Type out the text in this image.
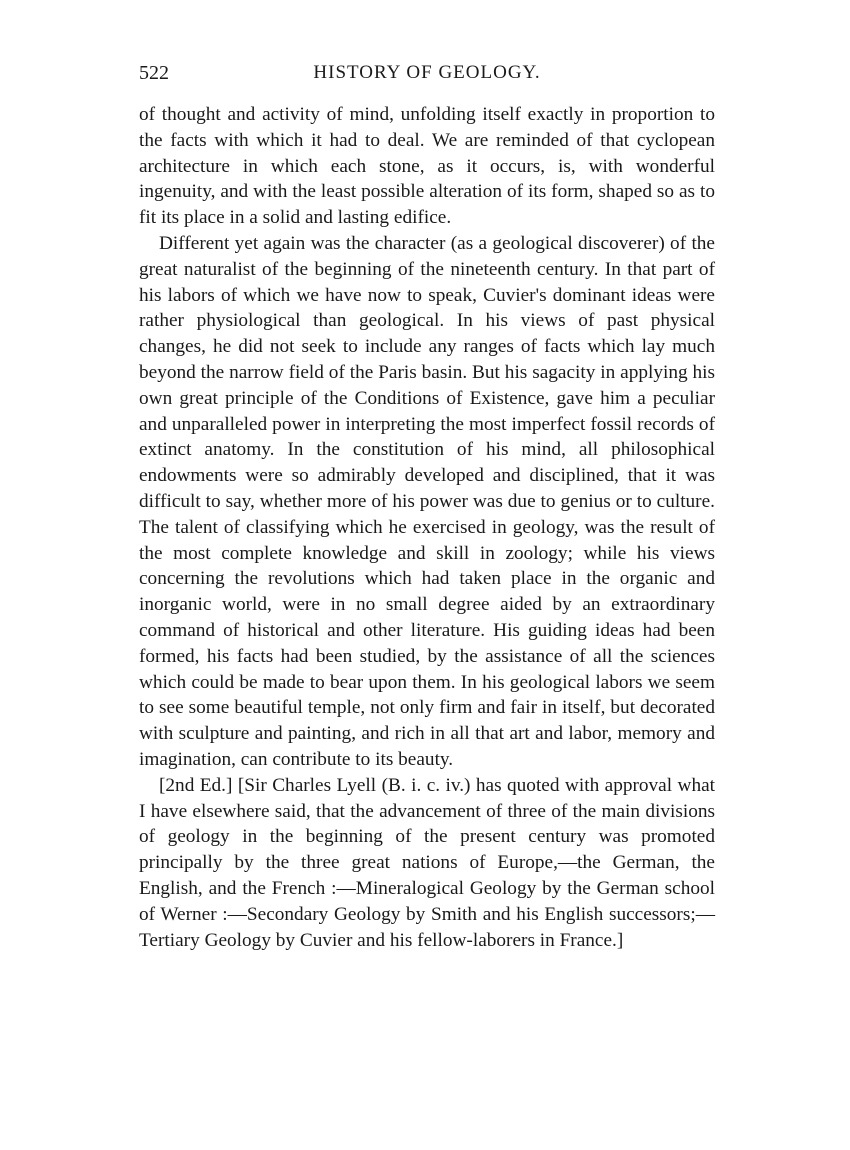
522	HISTORY OF GEOLOGY.

of thought and activity of mind, unfolding itself exactly in proportion to the facts with which it had to deal. We are reminded of that cyclopean architecture in which each stone, as it occurs, is, with wonderful ingenuity, and with the least possible alteration of its form, shaped so as to fit its place in a solid and lasting edifice.

Different yet again was the character (as a geological discoverer) of the great naturalist of the beginning of the nineteenth century. In that part of his labors of which we have now to speak, Cuvier's dominant ideas were rather physiological than geological. In his views of past physical changes, he did not seek to include any ranges of facts which lay much beyond the narrow field of the Paris basin. But his sagacity in applying his own great principle of the Conditions of Existence, gave him a peculiar and unparalleled power in interpreting the most imperfect fossil records of extinct anatomy. In the constitution of his mind, all philosophical endowments were so admirably developed and disciplined, that it was difficult to say, whether more of his power was due to genius or to culture. The talent of classifying which he exercised in geology, was the result of the most complete knowledge and skill in zoology; while his views concerning the revolutions which had taken place in the organic and inorganic world, were in no small degree aided by an extraordinary command of historical and other literature. His guiding ideas had been formed, his facts had been studied, by the assistance of all the sciences which could be made to bear upon them. In his geological labors we seem to see some beautiful temple, not only firm and fair in itself, but decorated with sculpture and painting, and rich in all that art and labor, memory and imagination, can contribute to its beauty.

[2nd Ed.] [Sir Charles Lyell (B. i. c. iv.) has quoted with approval what I have elsewhere said, that the advancement of three of the main divisions of geology in the beginning of the present century was promoted principally by the three great nations of Europe,—the German, the English, and the French :—Mineralogical Geology by the German school of Werner :—Secondary Geology by Smith and his English successors;—Tertiary Geology by Cuvier and his fellow-laborers in France.]
